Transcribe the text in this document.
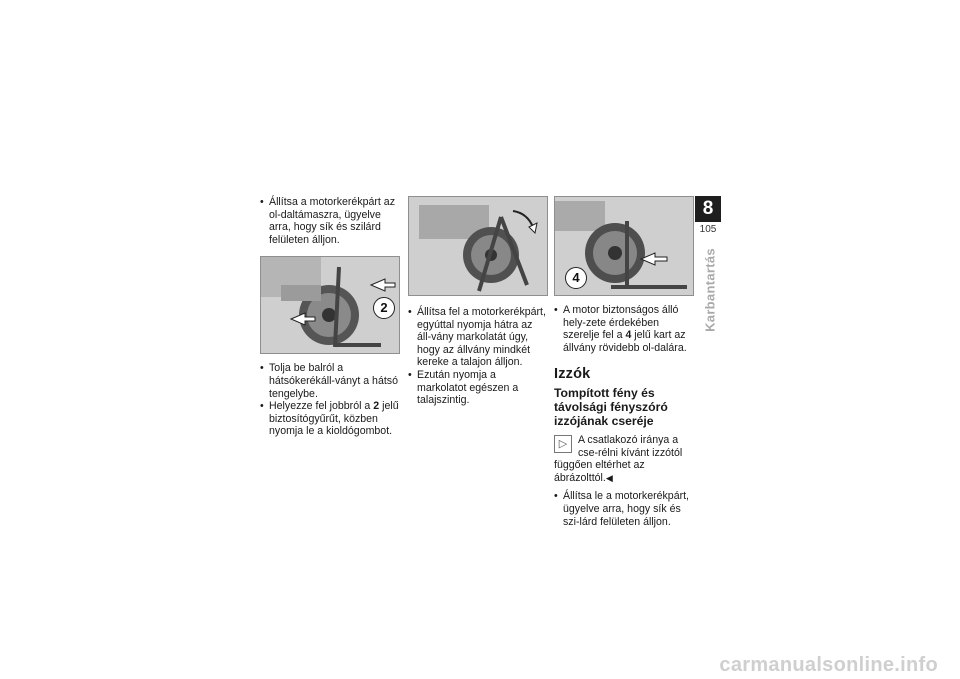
• Állítsa a motorkerékpárt az ol-daltámaszra, ügyelve arra, hogy sík és szilárd felületen álljon.
2
• Tolja be balról a hátsókerékáll-ványt a hátsó tengelybe.
• Helyezze fel jobbról a 2 jelű biztosítógyűrűt, közben nyomja le a kioldógombot.
• Állítsa fel a motorkerékpárt, egyúttal nyomja hátra az áll-vány markolatát úgy, hogy az állvány mindkét kereke a talajon álljon.
• Ezután nyomja a markolatot egészen a talajszintig.
4
• A motor biztonságos álló hely-zete érdekében szerelje fel a 4 jelű kart az állvány rövidebb ol-dalára.
Izzók
Tompított fény és távolsági fényszóró izzójának cseréje
▷	A csatlakozó iránya a cse-rélni kívánt izzótól függően eltérhet az ábrázolttól.◀
• Állítsa le a motorkerékpárt, ügyelve arra, hogy sík és szi-lárd felületen álljon.
8
105
Karbantartás
carmanualsonline.info
